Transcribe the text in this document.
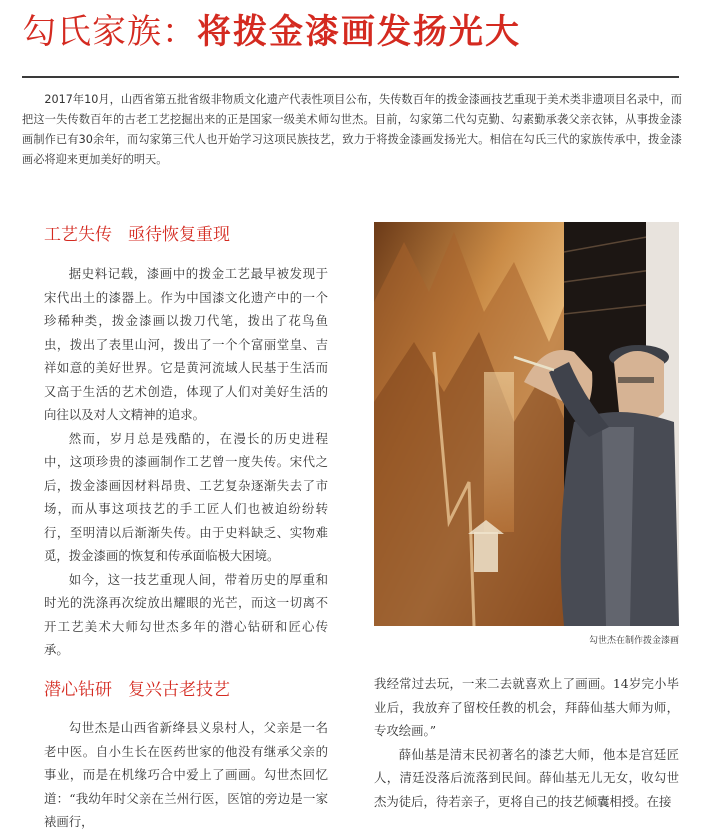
勾氏家族：将拨金漆画发扬光大

2017年10月，山西省第五批省级非物质文化遗产代表性项目公布，失传数百年的拨金漆画技艺重现于美术类非遗项目名录中，而把这一失传数百年的古老工艺挖掘出来的正是国家一级美术师勾世杰。目前，勾家第二代勾克勤、勾素勤承袭父亲衣钵，从事拨金漆画制作已有30余年，而勾家第三代人也开始学习这项民族技艺，致力于将拨金漆画发扬光大。相信在勾氏三代的家族传承中，拨金漆画必将迎来更加美好的明天。

工艺失传 亟待恢复重现

据史料记载，漆画中的拨金工艺最早被发现于宋代出土的漆器上。作为中国漆文化遗产中的一个珍稀种类，拨金漆画以拨刀代笔，拨出了花鸟鱼虫，拨出了表里山河，拨出了一个个富丽堂皇、吉祥如意的美好世界。它是黄河流域人民基于生活而又高于生活的艺术创造，体现了人们对美好生活的向往以及对人文精神的追求。

然而，岁月总是残酷的，在漫长的历史进程中，这项珍贵的漆画制作工艺曾一度失传。宋代之后，拨金漆画因材料昂贵、工艺复杂逐渐失去了市场，而从事这项技艺的手工匠人们也被迫纷纷转行，至明清以后渐渐失传。由于史料缺乏、实物难觅，拨金漆画的恢复和传承面临极大困境。

如今，这一技艺重现人间，带着历史的厚重和时光的洗涤再次绽放出耀眼的光芒，而这一切离不开工艺美术大师勾世杰多年的潜心钻研和匠心传承。

勾世杰在制作拨金漆画
潜心钻研 复兴古老技艺

勾世杰是山西省新绛县义泉村人，父亲是一名老中医。自小生长在医药世家的他没有继承父亲的事业，而是在机缘巧合中爱上了画画。勾世杰回忆道：“我幼年时父亲在兰州行医，医馆的旁边是一家裱画行，

我经常过去玩，一来二去就喜欢上了画画。14岁完小毕业后，我放弃了留校任教的机会，拜薛仙基大师为师，专攻绘画。”

薛仙基是清末民初著名的漆艺大师，他本是宫廷匠人，清廷没落后流落到民间。薛仙基无儿无女，收勾世杰为徒后，待若亲子，更将自己的技艺倾囊相授。在接
